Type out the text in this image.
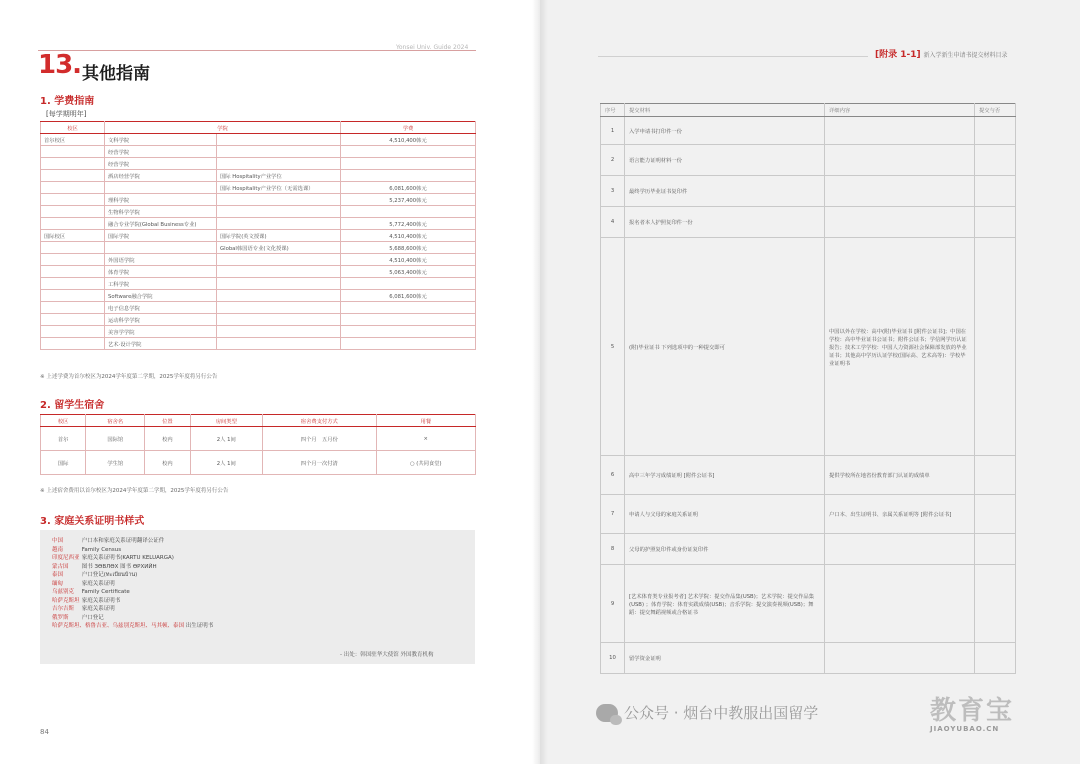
Yonsei Univ. Guide 2024
13. 其他指南
1. 学费指南
[每学期明年]
校区	学院		学费
首尔校区	文科学院		4,510,400韩元
	经营学院		
	经营学院		
	酒店经营学院	国际 Hospitality产业学位	
		国际 Hospitality产业学位（无需选课）	6,081,600韩元
	理科学院		5,237,400韩元
	生物科学学院		
	融合专业学院(Global Business专业)		5,772,400韩元
国际校区	国际学院	国际学院(英文授课)	4,510,400韩元
		Global韩国语专业(文化授课)	5,688,600韩元
	外国语学院		4,510,400韩元
	体育学院		5,063,400韩元
	工科学院		
	Software融合学院		6,081,600韩元
	电子信息学院		
	运动科学学院		
	美容学学院		
	艺术·设计学院		
※ 上述学费为首尔校区为2024学年度第二学期，2025学年度将另行公告
2. 留学生宿舍
校区	宿舍名	位置	房间类型	宿舍费支付方式	用餐
首尔	国际馆	校内	2人 1间	四个月　五月份	×
国际	学生馆	校内	2人 1间	四个月一次付清	○ (共同食堂)
※ 上述宿舍费用以首尔校区为2024学年度第二学期，2025学年度将另行公告
3. 家庭关系证明书样式
中国	户口本和家庭关系证明翻译公证件
越南	Family Census
印度尼西亚 家庭关系证明书(KARTU KELUARGA)
蒙古国 图书 ЗӨВЛӨХ 图书 ӨРХИЙН
泰国	户口登记(ทะเบียนบ้าน)
缅甸	家庭关系证明
乌兹别克 Family Certificate
哈萨克斯坦 家庭关系证明书
吉尔吉斯 家庭关系证明
俄罗斯 户口登记
哈萨克斯坦、格鲁吉亚、乌兹别克斯坦、马其顿、泰国 出生证明书
- 出处：韩国驻华大使馆 外国教育机构
84
[附录 1-1] 新入学新生申请书提交材料目录
序号	提交材料	详细内容	提交与否
1	入学申请书打印件一份		
2	语言能力证明材料一份		
3	最终学历毕业证书复印件		
4	报名者本人护照复印件一份		
5	(附)毕业证书 下列选项中的一种提交即可	中国以外在学校：高中(附)毕业证书 [附件公证书]；中国在学校：高中毕业证书公证书；附件公证书；学信网学历认证报告；技术工学学校：中国人力资源社会保障部发放的毕业证书；其他高中学历认证学校(国际高、艺术高等)：学校毕业证明书	
6	高中三年学习成绩证明 [附件公证书]	提供学校所在地省份教育部门认证的成绩单	
7	申请人与父母的家庭关系证明	户口本、出生证明书、亲属关系证明等 [附件公证书]	
8	父母的护照复印件或身份证复印件		
9	[艺术体育类专业报考者] 艺术学院：提交作品集(USB)；艺术学院：提交作品集(USB) ；体育学院：体育实践成绩(USB)；音乐学院：提交演奏视频(USB)；舞蹈：提交舞蹈视频或合格证书		
10	留学资金证明		
公众号 · 烟台中教服出国留学	教育宝
JIAOYUBAO.CN
